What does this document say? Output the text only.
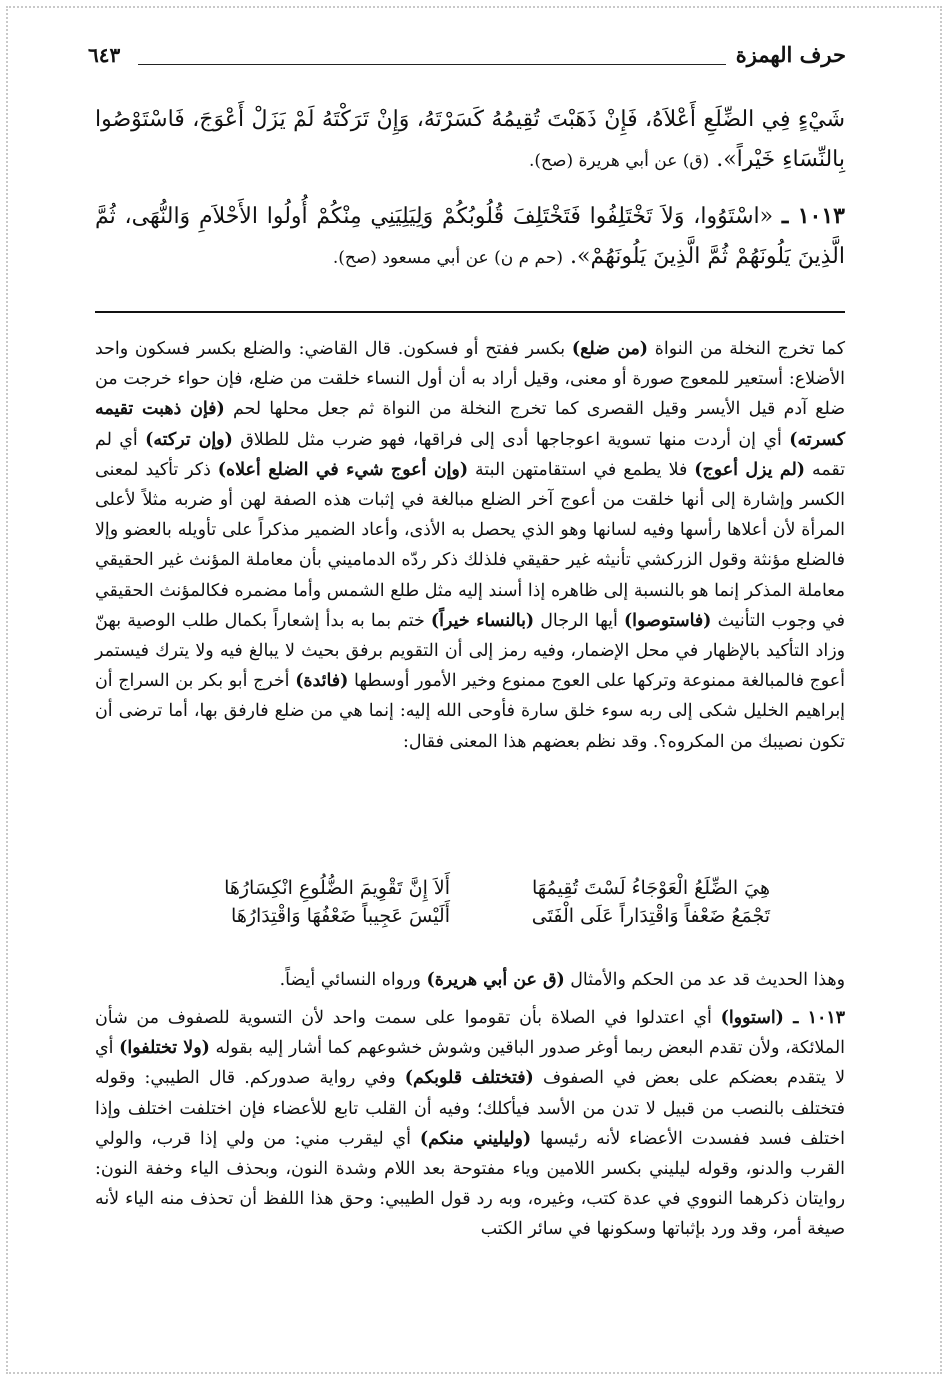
حرف الهمزة
٦٤٣
شَيْءٍ فِي الضِّلَعِ أَعْلاَهُ، فَإِنْ ذَهَبْتَ تُقِيمُهُ كَسَرْتَهُ، وَإِنْ تَرَكْتَهُ لَمْ يَزَلْ أَعْوَجَ، فَاسْتَوْصُوا بِالنِّسَاءِ خَيْراً». (ق) عن أبي هريرة (صح).
١٠١٣ ـ «اسْتَوُوا، وَلاَ تَخْتَلِفُوا فَتَخْتَلِفَ قُلُوبُكُمْ وَلِيَلِيَنِي مِنْكُمْ أُولُوا الأَحْلاَمِ وَالنُّهَى، ثُمَّ الَّذِينَ يَلُونَهُمْ ثُمَّ الَّذِينَ يَلُونَهُمْ». (حم م ن) عن أبي مسعود (صح).
كما تخرج النخلة من النواة (من ضلع) بكسر ففتح أو فسكون. قال القاضي: والضلع بكسر فسكون واحد الأضلاع: أستعير للمعوج صورة أو معنى، وقيل أراد به أن أول النساء خلقت من ضلع، فإن حواء خرجت من ضلع آدم قيل الأيسر وقيل القصرى كما تخرج النخلة من النواة ثم جعل محلها لحم (فإن ذهبت تقيمه كسرته) أي إن أردت منها تسوية اعوجاجها أدى إلى فراقها، فهو ضرب مثل للطلاق (وإن تركته) أي لم تقمه (لم يزل أعوج) فلا يطمع في استقامتهن البتة (وإن أعوج شيء في الضلع أعلاه) ذكر تأكيد لمعنى الكسر وإشارة إلى أنها خلقت من أعوج آخر الضلع مبالغة في إثبات هذه الصفة لهن أو ضربه مثلاً لأعلى المرأة لأن أعلاها رأسها وفيه لسانها وهو الذي يحصل به الأذى، وأعاد الضمير مذكراً على تأويله بالعضو وإلا فالضلع مؤنثة وقول الزركشي تأنيثه غير حقيقي فلذلك ذكر ردّه الدماميني بأن معاملة المؤنث غير الحقيقي معاملة المذكر إنما هو بالنسبة إلى ظاهره إذا أسند إليه مثل طلع الشمس وأما مضمره فكالمؤنث الحقيقي في وجوب التأنيث (فاستوصوا) أيها الرجال (بالنساء خيراً) ختم بما به بدأ إشعاراً بكمال طلب الوصية بهنّ وزاد التأكيد بالإظهار في محل الإضمار، وفيه رمز إلى أن التقويم برفق بحيث لا يبالغ فيه ولا يترك فيستمر أعوج فالمبالغة ممنوعة وتركها على العوج ممنوع وخير الأمور أوسطها (فائدة) أخرج أبو بكر بن السراج أن إبراهيم الخليل شكى إلى ربه سوء خلق سارة فأوحى الله إليه: إنما هي من ضلع فارفق بها، أما ترضى أن تكون نصيبك من المكروه؟. وقد نظم بعضهم هذا المعنى فقال:
هِيَ الضِّلَعُ الْعَوْجَاءُ لَسْتَ تُقِيمُهَا
أَلاَ إِنَّ تَقْوِيمَ الضُّلُوعِ انْكِسَارُهَا
تَجْمَعُ ضَعْفاً وَاقْتِدَاراً عَلَى الْفَتَى
أَلَيْسَ عَجِيباً ضَعْفُهَا وَاقْتِدَارُهَا
وهذا الحديث قد عد من الحكم والأمثال (ق عن أبي هريرة) ورواه النسائي أيضاً.
١٠١٣ ـ (استووا) أي اعتدلوا في الصلاة بأن تقوموا على سمت واحد لأن التسوية للصفوف من شأن الملائكة، ولأن تقدم البعض ربما أوغر صدور الباقين وشوش خشوعهم كما أشار إليه بقوله (ولا تختلفوا) أي لا يتقدم بعضكم على بعض في الصفوف (فتختلف قلوبكم) وفي رواية صدوركم. قال الطيبي: وقوله فتختلف بالنصب من قبيل لا تدن من الأسد فيأكلك؛ وفيه أن القلب تابع للأعضاء فإن اختلفت اختلف وإذا اختلف فسد ففسدت الأعضاء لأنه رئيسها (وليليني منكم) أي ليقرب مني: من ولي إذا قرب، والولي القرب والدنو، وقوله ليليني بكسر اللامين وياء مفتوحة بعد اللام وشدة النون، وبحذف الياء وخفة النون: روايتان ذكرهما النووي في عدة كتب، وغيره، وبه رد قول الطيبي: وحق هذا اللفظ أن تحذف منه الياء لأنه صيغة أمر، وقد ورد بإثباتها وسكونها في سائر الكتب
